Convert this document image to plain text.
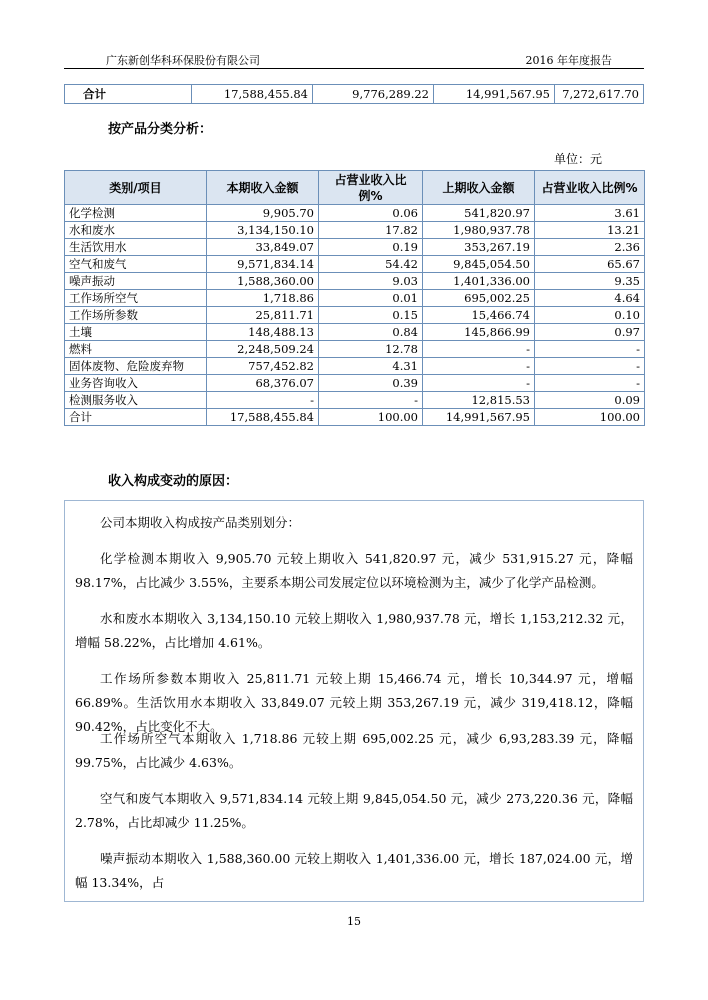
广东新创华科环保股份有限公司	2016 年年度报告
合计	17,588,455.84	9,776,289.22	14,991,567.95	7,272,617.70
按产品分类分析：
单位：元
类别/项目	本期收入金额	占营业收入比例%	上期收入金额	占营业收入比例%
化学检测	9,905.70	0.06	541,820.97	3.61
水和废水	3,134,150.10	17.82	1,980,937.78	13.21
生活饮用水	33,849.07	0.19	353,267.19	2.36
空气和废气	9,571,834.14	54.42	9,845,054.50	65.67
噪声振动	1,588,360.00	9.03	1,401,336.00	9.35
工作场所空气	1,718.86	0.01	695,002.25	4.64
工作场所参数	25,811.71	0.15	15,466.74	0.10
土壤	148,488.13	0.84	145,866.99	0.97
燃料	2,248,509.24	12.78	-	-
固体废物、危险废弃物	757,452.82	4.31	-	-
业务咨询收入	68,376.07	0.39	-	-
检测服务收入	-	-	12,815.53	0.09
合计	17,588,455.84	100.00	14,991,567.95	100.00
收入构成变动的原因：

公司本期收入构成按产品类别划分：

化学检测本期收入 9,905.70 元较上期收入 541,820.97 元，减少 531,915.27 元，降幅 98.17%，占比减少 3.55%，主要系本期公司发展定位以环境检测为主，减少了化学产品检测。

水和废水本期收入 3,134,150.10 元较上期收入 1,980,937.78 元，增长 1,153,212.32 元，增幅 58.22%，占比增加 4.61%。

工作场所参数本期收入 25,811.71 元较上期 15,466.74 元，增长 10,344.97 元，增幅 66.89%。生活饮用水本期收入 33,849.07 元较上期 353,267.19 元，减少 319,418.12，降幅 90.42%，占比变化不大。

工作场所空气本期收入 1,718.86 元较上期 695,002.25 元，减少 6,93,283.39 元，降幅 99.75%，占比减少 4.63%。

空气和废气本期收入 9,571,834.14 元较上期 9,845,054.50 元，减少 273,220.36 元，降幅 2.78%，占比却减少 11.25%。

噪声振动本期收入 1,588,360.00 元较上期收入 1,401,336.00 元，增长 187,024.00 元，增幅 13.34%，占

15
